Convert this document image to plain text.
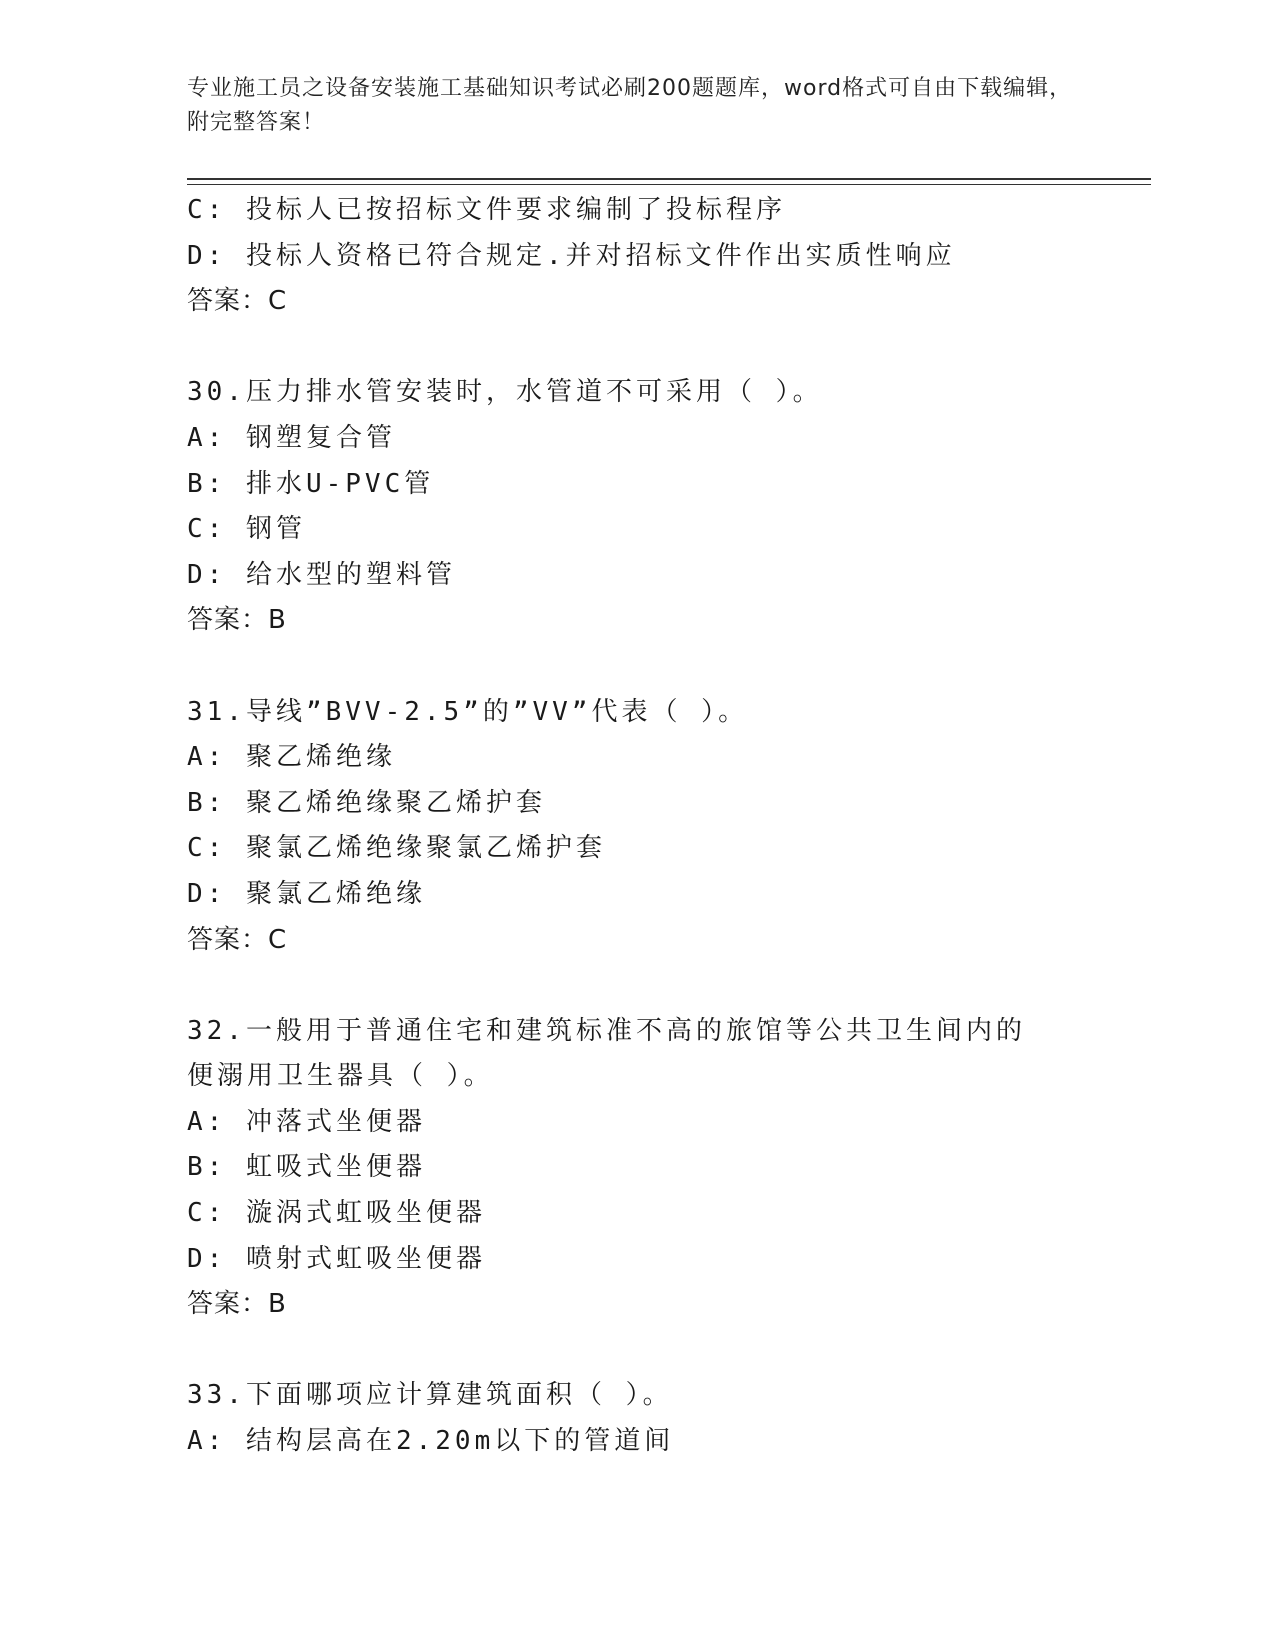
专业施工员之设备安装施工基础知识考试必刷200题题库，word格式可自由下载编辑，附完整答案！
C: 投标人已按招标文件要求编制了投标程序
D: 投标人资格已符合规定.并对招标文件作出实质性响应
答案：C
30.压力排水管安装时，水管道不可采用（ ）。
A: 钢塑复合管
B: 排水U-PVC管
C: 钢管
D: 给水型的塑料管
答案：B
31.导线”BVV-2.5”的”VV”代表（ ）。
A: 聚乙烯绝缘
B: 聚乙烯绝缘聚乙烯护套
C: 聚氯乙烯绝缘聚氯乙烯护套
D: 聚氯乙烯绝缘
答案：C
32.一般用于普通住宅和建筑标准不高的旅馆等公共卫生间内的便溺用卫生器具（ ）。
A: 冲落式坐便器
B: 虹吸式坐便器
C: 漩涡式虹吸坐便器
D: 喷射式虹吸坐便器
答案：B
33.下面哪项应计算建筑面积（ ）。
A: 结构层高在2.20m以下的管道间
